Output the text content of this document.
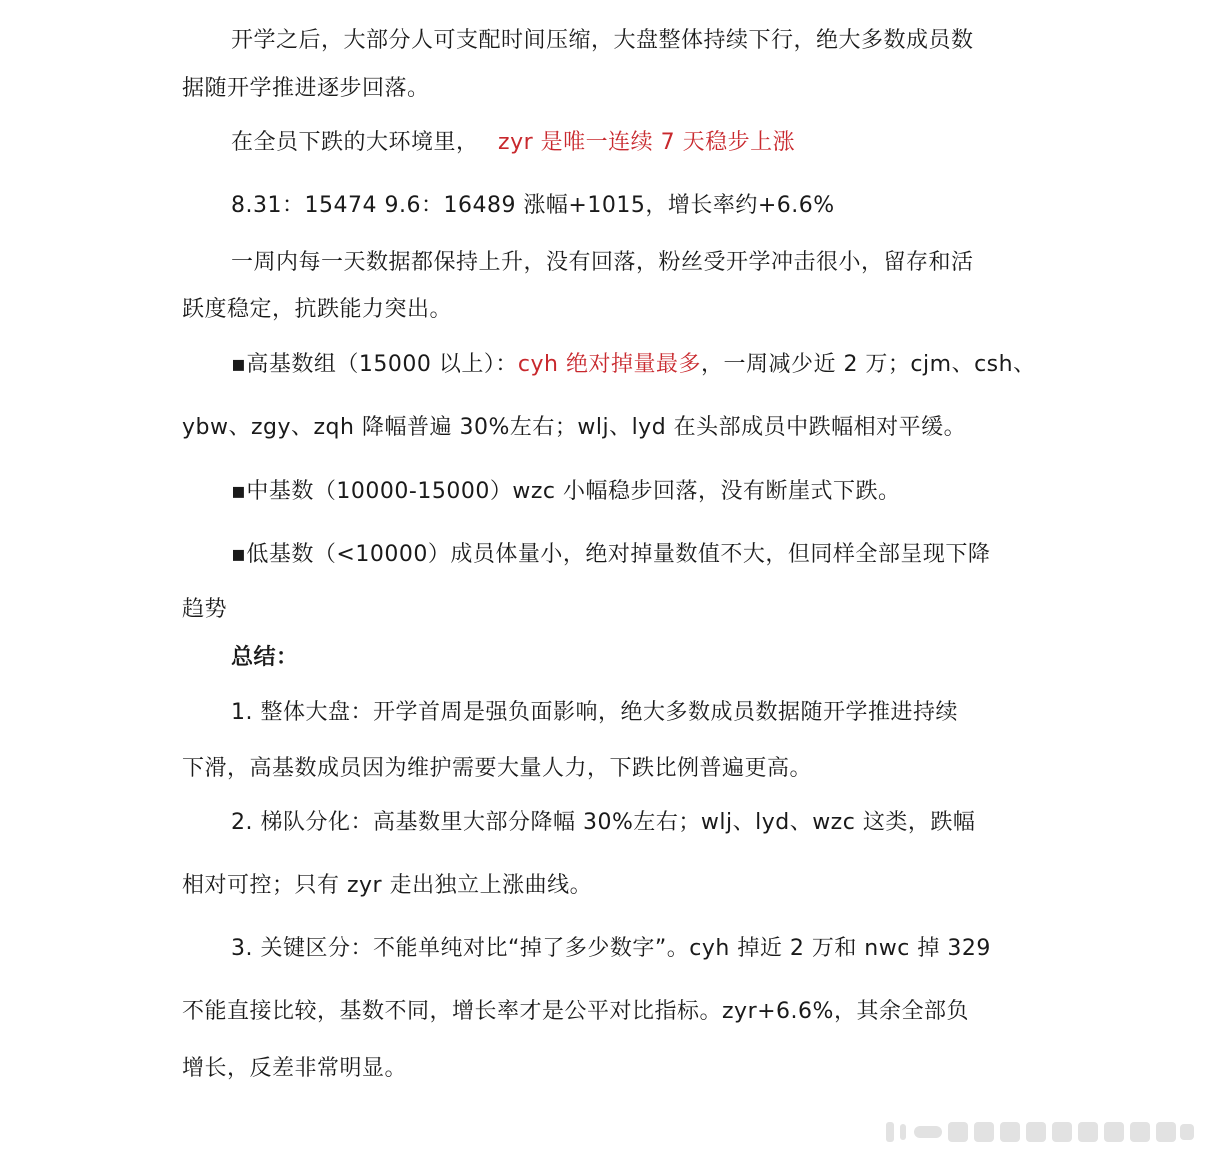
开学之后，大部分人可支配时间压缩，大盘整体持续下行，绝大多数成员数
据随开学推进逐步回落。
在全员下跌的大环境里， zyr 是唯一连续 7 天稳步上涨
8.31：15474 9.6：16489 涨幅+1015，增长率约+6.6%
一周内每一天数据都保持上升，没有回落，粉丝受开学冲击很小，留存和活
跃度稳定，抗跌能力突出。
▪高基数组（15000 以上）：cyh 绝对掉量最多，一周减少近 2 万；cjm、csh、
ybw、zgy、zqh 降幅普遍 30%左右；wlj、lyd 在头部成员中跌幅相对平缓。
▪中基数（10000-15000）wzc 小幅稳步回落，没有断崖式下跌。
▪低基数（<10000）成员体量小，绝对掉量数值不大，但同样全部呈现下降
趋势
总结：
1. 整体大盘：开学首周是强负面影响，绝大多数成员数据随开学推进持续
下滑，高基数成员因为维护需要大量人力，下跌比例普遍更高。
2. 梯队分化：高基数里大部分降幅 30%左右；wlj、lyd、wzc 这类，跌幅
相对可控；只有 zyr 走出独立上涨曲线。
3. 关键区分：不能单纯对比“掉了多少数字”。cyh 掉近 2 万和 nwc 掉 329
不能直接比较，基数不同，增长率才是公平对比指标。zyr+6.6%，其余全部负
增长，反差非常明显。
